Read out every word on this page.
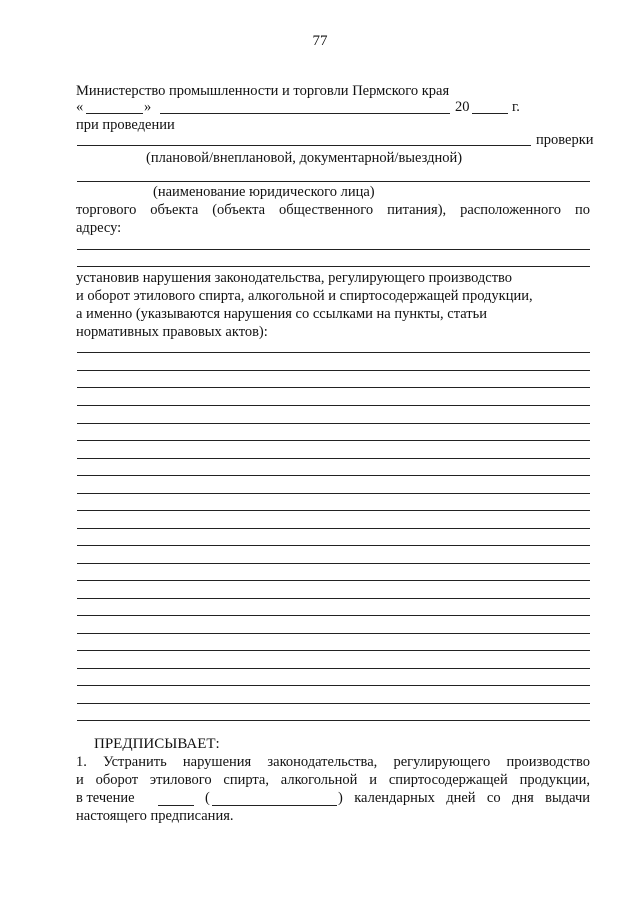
77
Министерство промышленности и торговли Пермского края
«	»	20	г.
при проведении
проверки
(плановой/внеплановой, документарной/выездной)
(наименование юридического лица)
торгового объекта (объекта общественного питания), расположенного по
адресу:
установив нарушения законодательства, регулирующего производство
и оборот этилового спирта, алкогольной и спиртосодержащей продукции,
а именно (указываются нарушения со ссылками на пункты, статьи
нормативных правовых актов):
ПРЕДПИСЫВАЕТ:
1. Устранить нарушения законодательства, регулирующего производство
и оборот этилового спирта, алкогольной и спиртосодержащей продукции,
в течение	(	) календарных дней со дня выдачи
настоящего предписания.
